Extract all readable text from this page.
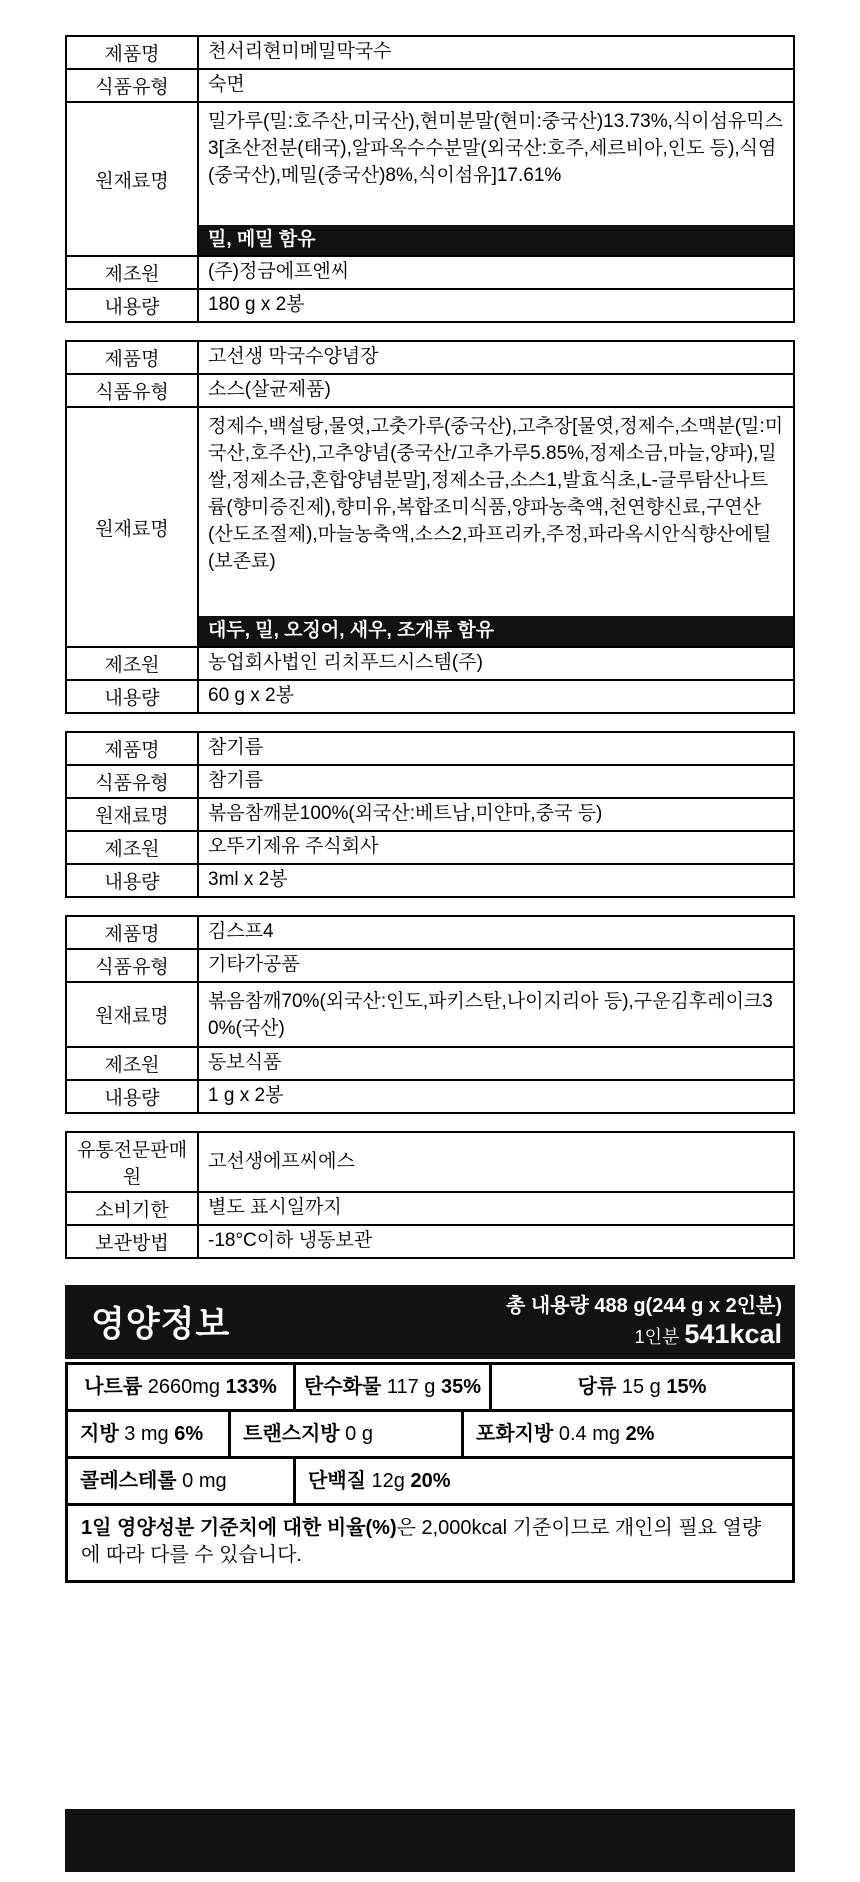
제품명	천서리현미메밀막국수
식품유형	숙면
원재료명	밀가루(밀:호주산,미국산),현미분말(현미:중국산)13.73%,식이섬유믹스3[초산전분(태국),알파옥수수분말(외국산:호주,세르비아,인도 등),식염(중국산),메밀(중국산)8%,식이섬유]17.61%
밀, 메밀 함유

제조원	(주)정금에프엔씨
내용량	180 g x 2봉
제품명	고선생 막국수양념장
식품유형	소스(살균제품)
원재료명	정제수,백설탕,물엿,고춧가루(중국산),고추장[물엿,정제수,소맥분(밀:미국산,호주산),고추양념(중국산/고추가루5.85%,정제소금,마늘,양파),밀쌀,정제소금,혼합양념분말],정제소금,소스1,발효식초,L-글루탐산나트륨(향미증진제),향미유,복합조미식품,양파농축액,천연향신료,구연산(산도조절제),마늘농축액,소스2,파프리카,주정,파라옥시안식향산에틸(보존료)
대두, 밀, 오징어, 새우, 조개류 함유

제조원	농업회사법인 리치푸드시스템(주)
내용량	60 g x 2봉
제품명	참기름
식품유형	참기름
원재료명	볶음참깨분100%(외국산:베트남,미얀마,중국 등)
제조원	오뚜기제유 주식회사
내용량	3ml x 2봉
제품명	김스프4
식품유형	기타가공품
원재료명	볶음참깨70%(외국산:인도,파키스탄,나이지리아 등),구운김후레이크30%(국산)

제조원	동보식품
내용량	1 g x 2봉
유통전문판매원	고선생에프씨에스
소비기한	별도 표시일까지
보관방법	-18°C이하 냉동보관
영양정보	총 내용량 488 g(244 g x 2인분)
1인분 541kcal
나트륨 2660mg 133%	탄수화물 117 g 35%	당류 15 g 15%
지방 3 mg 6%	트랜스지방 0 g	포화지방 0.4 mg 2%
콜레스테롤 0 mg	단백질 12g 20%
1일 영양성분 기준치에 대한 비율(%)은 2,000kcal 기준이므로 개인의 필요 열량에 따라 다를 수 있습니다.
